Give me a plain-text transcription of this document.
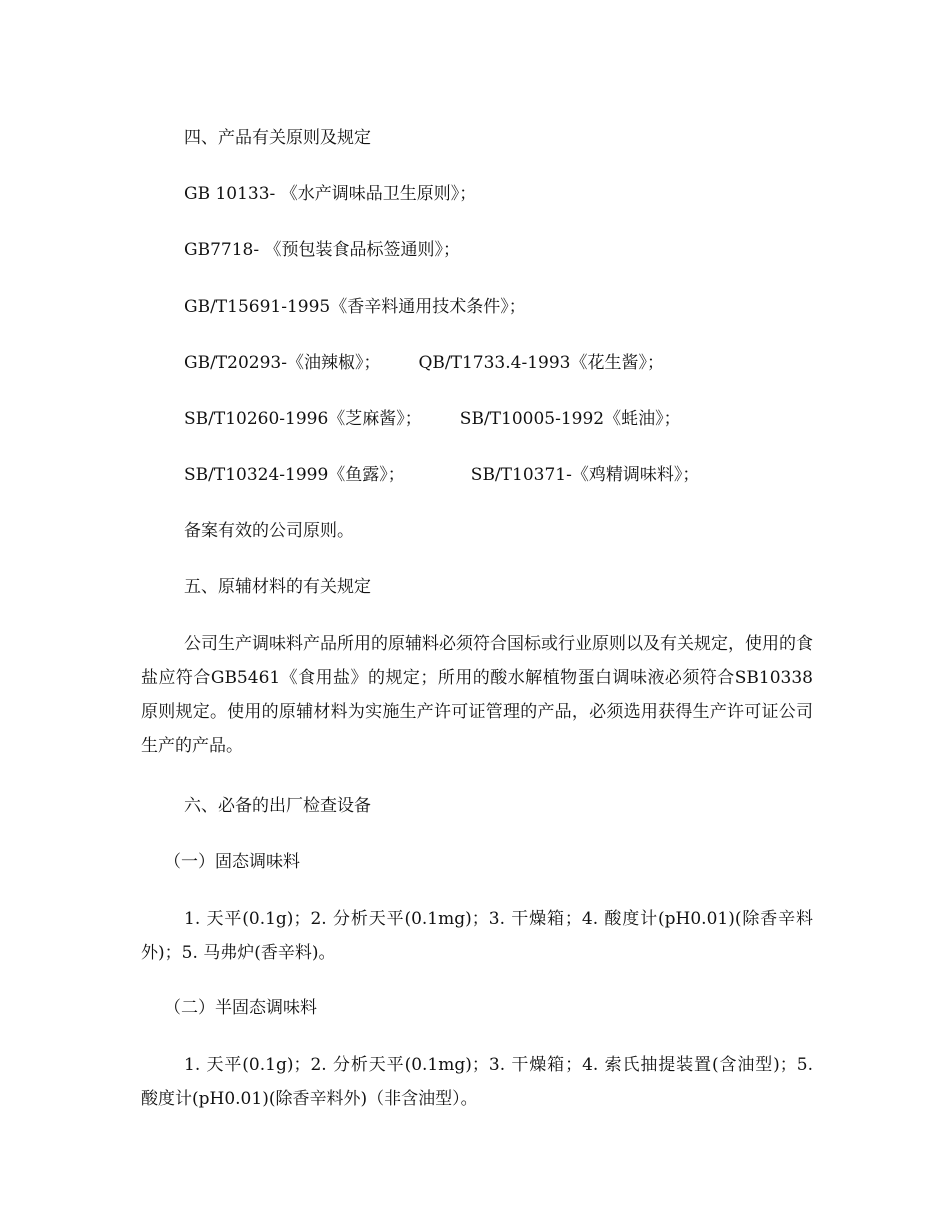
四、产品有关原则及规定
GB 10133- 《水产调味品卫生原则》；
GB7718- 《预包装食品标签通则》；
GB/T15691-1995《香辛料通用技术条件》；
GB/T20293-《油辣椒》； QB/T1733.4-1993《花生酱》；
SB/T10260-1996《芝麻酱》； SB/T10005-1992《蚝油》；
SB/T10324-1999《鱼露》；	SB/T10371-《鸡精调味料》；
备案有效的公司原则。
五、原辅材料的有关规定
公司生产调味料产品所用的原辅料必须符合国标或行业原则以及有关规定，使用的食盐应符合GB5461《食用盐》的规定；所用的酸水解植物蛋白调味液必须符合SB10338原则规定。使用的原辅材料为实施生产许可证管理的产品，必须选用获得生产许可证公司生产的产品。
六、必备的出厂检查设备
（一）固态调味料
1. 天平(0.1g)；2. 分析天平(0.1mg)；3. 干燥箱；4. 酸度计(pH0.01)(除香辛料外)；5. 马弗炉(香辛料)。
（二）半固态调味料
1. 天平(0.1g)；2. 分析天平(0.1mg)；3. 干燥箱；4. 索氏抽提装置(含油型)；5. 酸度计(pH0.01)(除香辛料外)（非含油型）。
